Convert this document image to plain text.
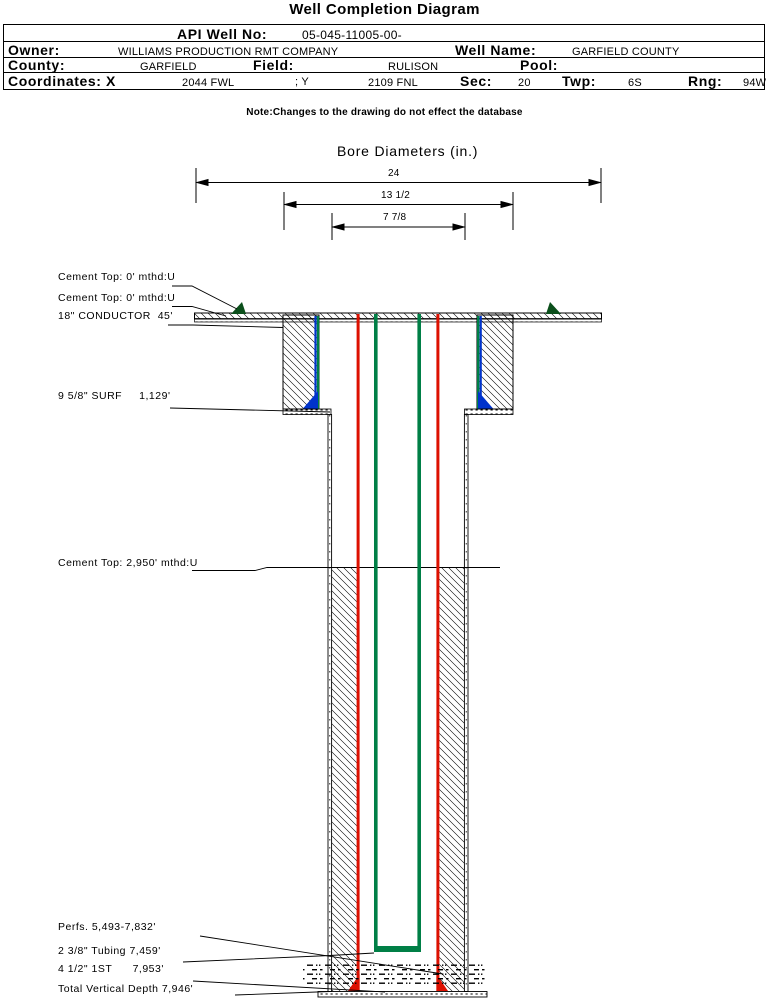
Well Completion Diagram
API Well No:	05-045-11005-00-
Owner:	WILLIAMS PRODUCTION RMT COMPANY	Well Name:	GARFIELD COUNTY
County:	GARFIELD	Field:	RULISON	Pool:
Coordinates: X	2044 FWL	; Y	2109 FNL	Sec: 20 Twp:	6S	Rng: 94W
Note:Changes to the drawing do not effect the database
Bore Diameters (in.)
24
13 1/2
7 7/8
Cement Top: 0' mthd:U
Cement Top: 0' mthd:U
18" CONDUCTOR  45'
9 5/8" SURF     1,129'
Cement Top: 2,950' mthd:U
Perfs. 5,493-7,832'
2 3/8" Tubing 7,459'
4 1/2" 1ST      7,953'
Total Vertical Depth 7,946'
